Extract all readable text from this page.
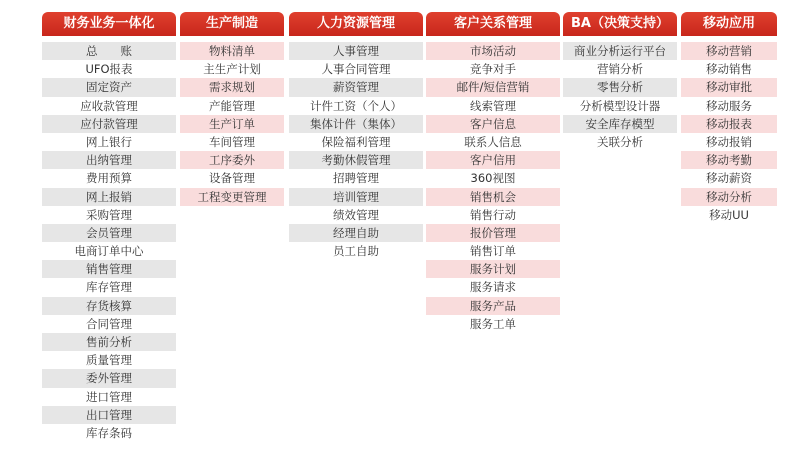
财务业务一体化
总　　账
UFO报表
固定资产
应收款管理
应付款管理
网上银行
出纳管理
费用预算
网上报销
采购管理
会员管理
电商订单中心
销售管理
库存管理
存货核算
合同管理
售前分析
质量管理
委外管理
进口管理
出口管理
库存条码
生产制造
物料清单
主生产计划
需求规划
产能管理
生产订单
车间管理
工序委外
设备管理
工程变更管理
人力资源管理
人事管理
人事合同管理
薪资管理
计件工资（个人）
集体计件（集体）
保险福利管理
考勤休假管理
招聘管理
培训管理
绩效管理
经理自助
员工自助
客户关系管理
市场活动
竞争对手
邮件/短信营销
线索管理
客户信息
联系人信息
客户信用
360视图
销售机会
销售行动
报价管理
销售订单
服务计划
服务请求
服务产品
服务工单
BA（决策支持）
商业分析运行平台
营销分析
零售分析
分析模型设计器
安全库存模型
关联分析
移动应用
移动营销
移动销售
移动审批
移动服务
移动报表
移动报销
移动考勤
移动薪资
移动分析
移动UU
